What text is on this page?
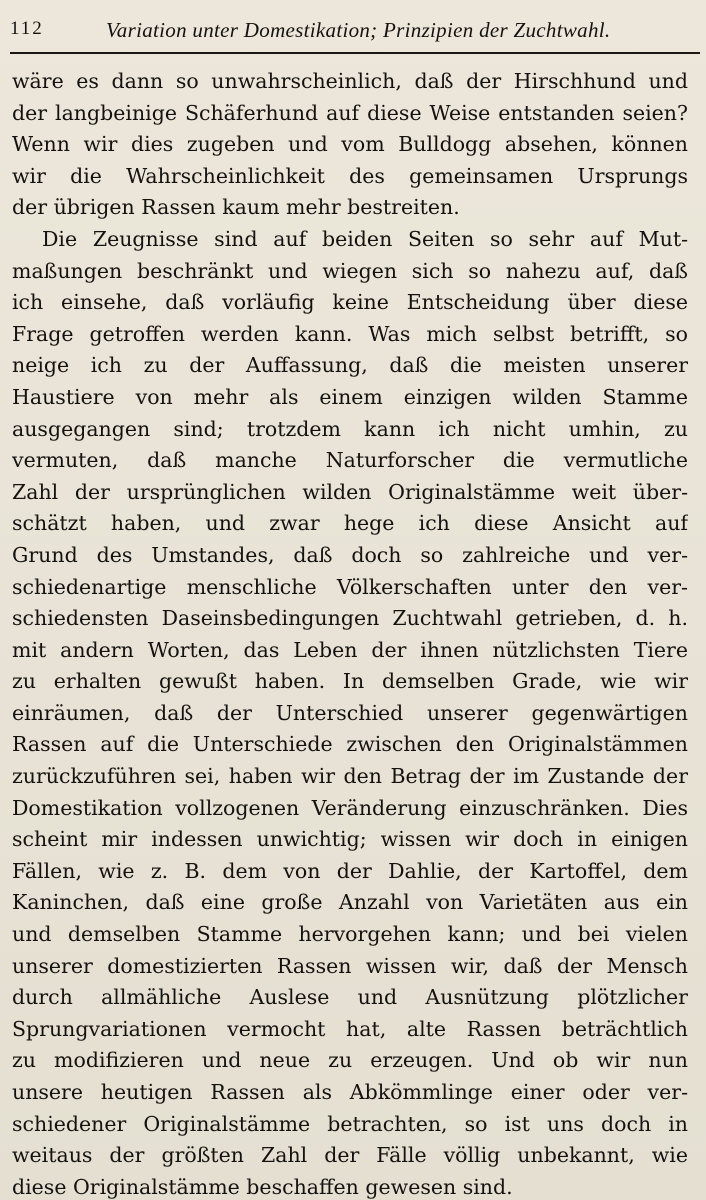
112	Variation unter Domestikation; Prinzipien der Zuchtwahl.
wäre es dann so unwahrscheinlich, daß der Hirschhund und
der langbeinige Schäferhund auf diese Weise entstanden seien?
Wenn wir dies zugeben und vom Bulldogg absehen, können
wir die Wahrscheinlichkeit des gemeinsamen Ursprungs
der übrigen Rassen kaum mehr bestreiten.
Die Zeugnisse sind auf beiden Seiten so sehr auf Mut-
maßungen beschränkt und wiegen sich so nahezu auf, daß
ich einsehe, daß vorläufig keine Entscheidung über diese
Frage getroffen werden kann. Was mich selbst betrifft, so
neige ich zu der Auffassung, daß die meisten unserer
Haustiere von mehr als einem einzigen wilden Stamme
ausgegangen sind; trotzdem kann ich nicht umhin, zu
vermuten, daß manche Naturforscher die vermutliche
Zahl der ursprünglichen wilden Originalstämme weit über-
schätzt haben, und zwar hege ich diese Ansicht auf
Grund des Umstandes, daß doch so zahlreiche und ver-
schiedenartige menschliche Völkerschaften unter den ver-
schiedensten Daseinsbedingungen Zuchtwahl getrieben, d. h.
mit andern Worten, das Leben der ihnen nützlichsten Tiere
zu erhalten gewußt haben. In demselben Grade, wie wir
einräumen, daß der Unterschied unserer gegenwärtigen
Rassen auf die Unterschiede zwischen den Originalstämmen
zurückzuführen sei, haben wir den Betrag der im Zustande der
Domestikation vollzogenen Veränderung einzuschränken. Dies
scheint mir indessen unwichtig; wissen wir doch in einigen
Fällen, wie z. B. dem von der Dahlie, der Kartoffel, dem
Kaninchen, daß eine große Anzahl von Varietäten aus ein
und demselben Stamme hervorgehen kann; und bei vielen
unserer domestizierten Rassen wissen wir, daß der Mensch
durch allmähliche Auslese und Ausnützung plötzlicher
Sprungvariationen vermocht hat, alte Rassen beträchtlich
zu modifizieren und neue zu erzeugen. Und ob wir nun
unsere heutigen Rassen als Abkömmlinge einer oder ver-
schiedener Originalstämme betrachten, so ist uns doch in
weitaus der größten Zahl der Fälle völlig unbekannt, wie
diese Originalstämme beschaffen gewesen sind.
